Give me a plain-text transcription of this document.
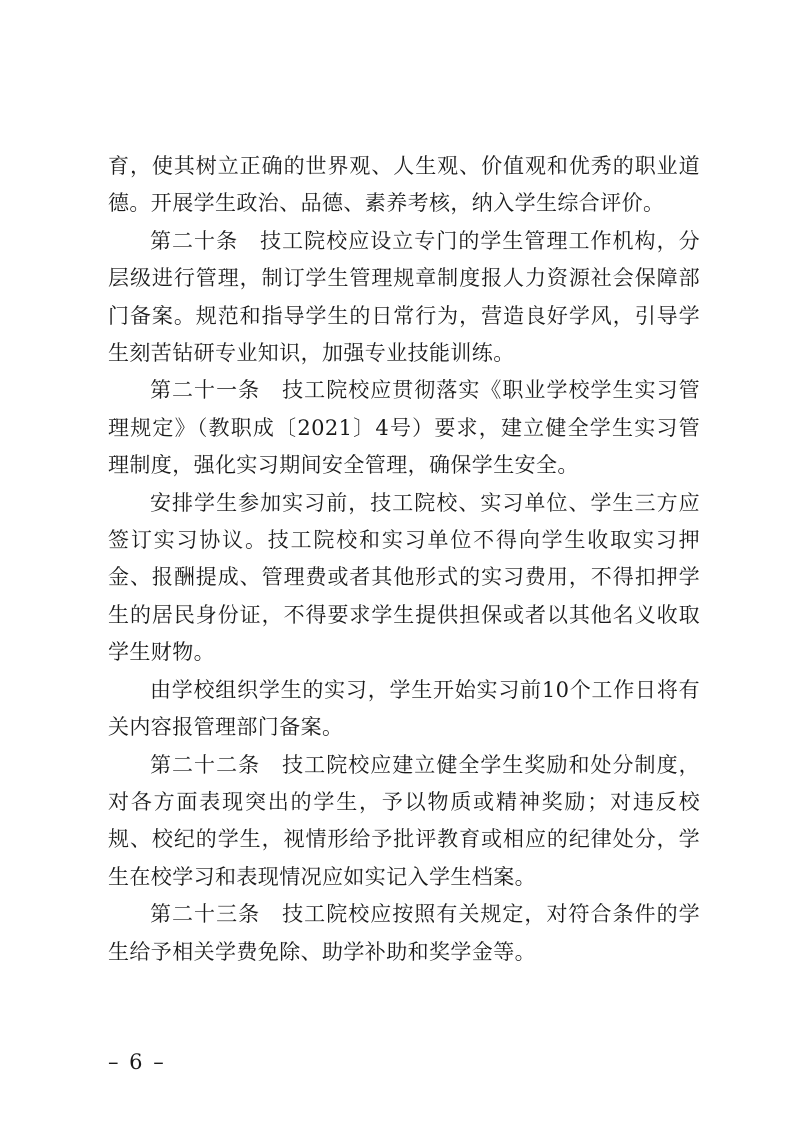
育，使其树立正确的世界观、人生观、价值观和优秀的职业道德。开展学生政治、品德、素养考核，纳入学生综合评价。

第二十条　技工院校应设立专门的学生管理工作机构，分层级进行管理，制订学生管理规章制度报人力资源社会保障部门备案。规范和指导学生的日常行为，营造良好学风，引导学生刻苦钻研专业知识，加强专业技能训练。

第二十一条　技工院校应贯彻落实《职业学校学生实习管理规定》（教职成〔2021〕4号）要求，建立健全学生实习管理制度，强化实习期间安全管理，确保学生安全。

安排学生参加实习前，技工院校、实习单位、学生三方应签订实习协议。技工院校和实习单位不得向学生收取实习押金、报酬提成、管理费或者其他形式的实习费用，不得扣押学生的居民身份证，不得要求学生提供担保或者以其他名义收取学生财物。

由学校组织学生的实习，学生开始实习前10个工作日将有关内容报管理部门备案。

第二十二条　技工院校应建立健全学生奖励和处分制度，对各方面表现突出的学生，予以物质或精神奖励；对违反校规、校纪的学生，视情形给予批评教育或相应的纪律处分，学生在校学习和表现情况应如实记入学生档案。

第二十三条　技工院校应按照有关规定，对符合条件的学生给予相关学费免除、助学补助和奖学金等。

– 6 –
